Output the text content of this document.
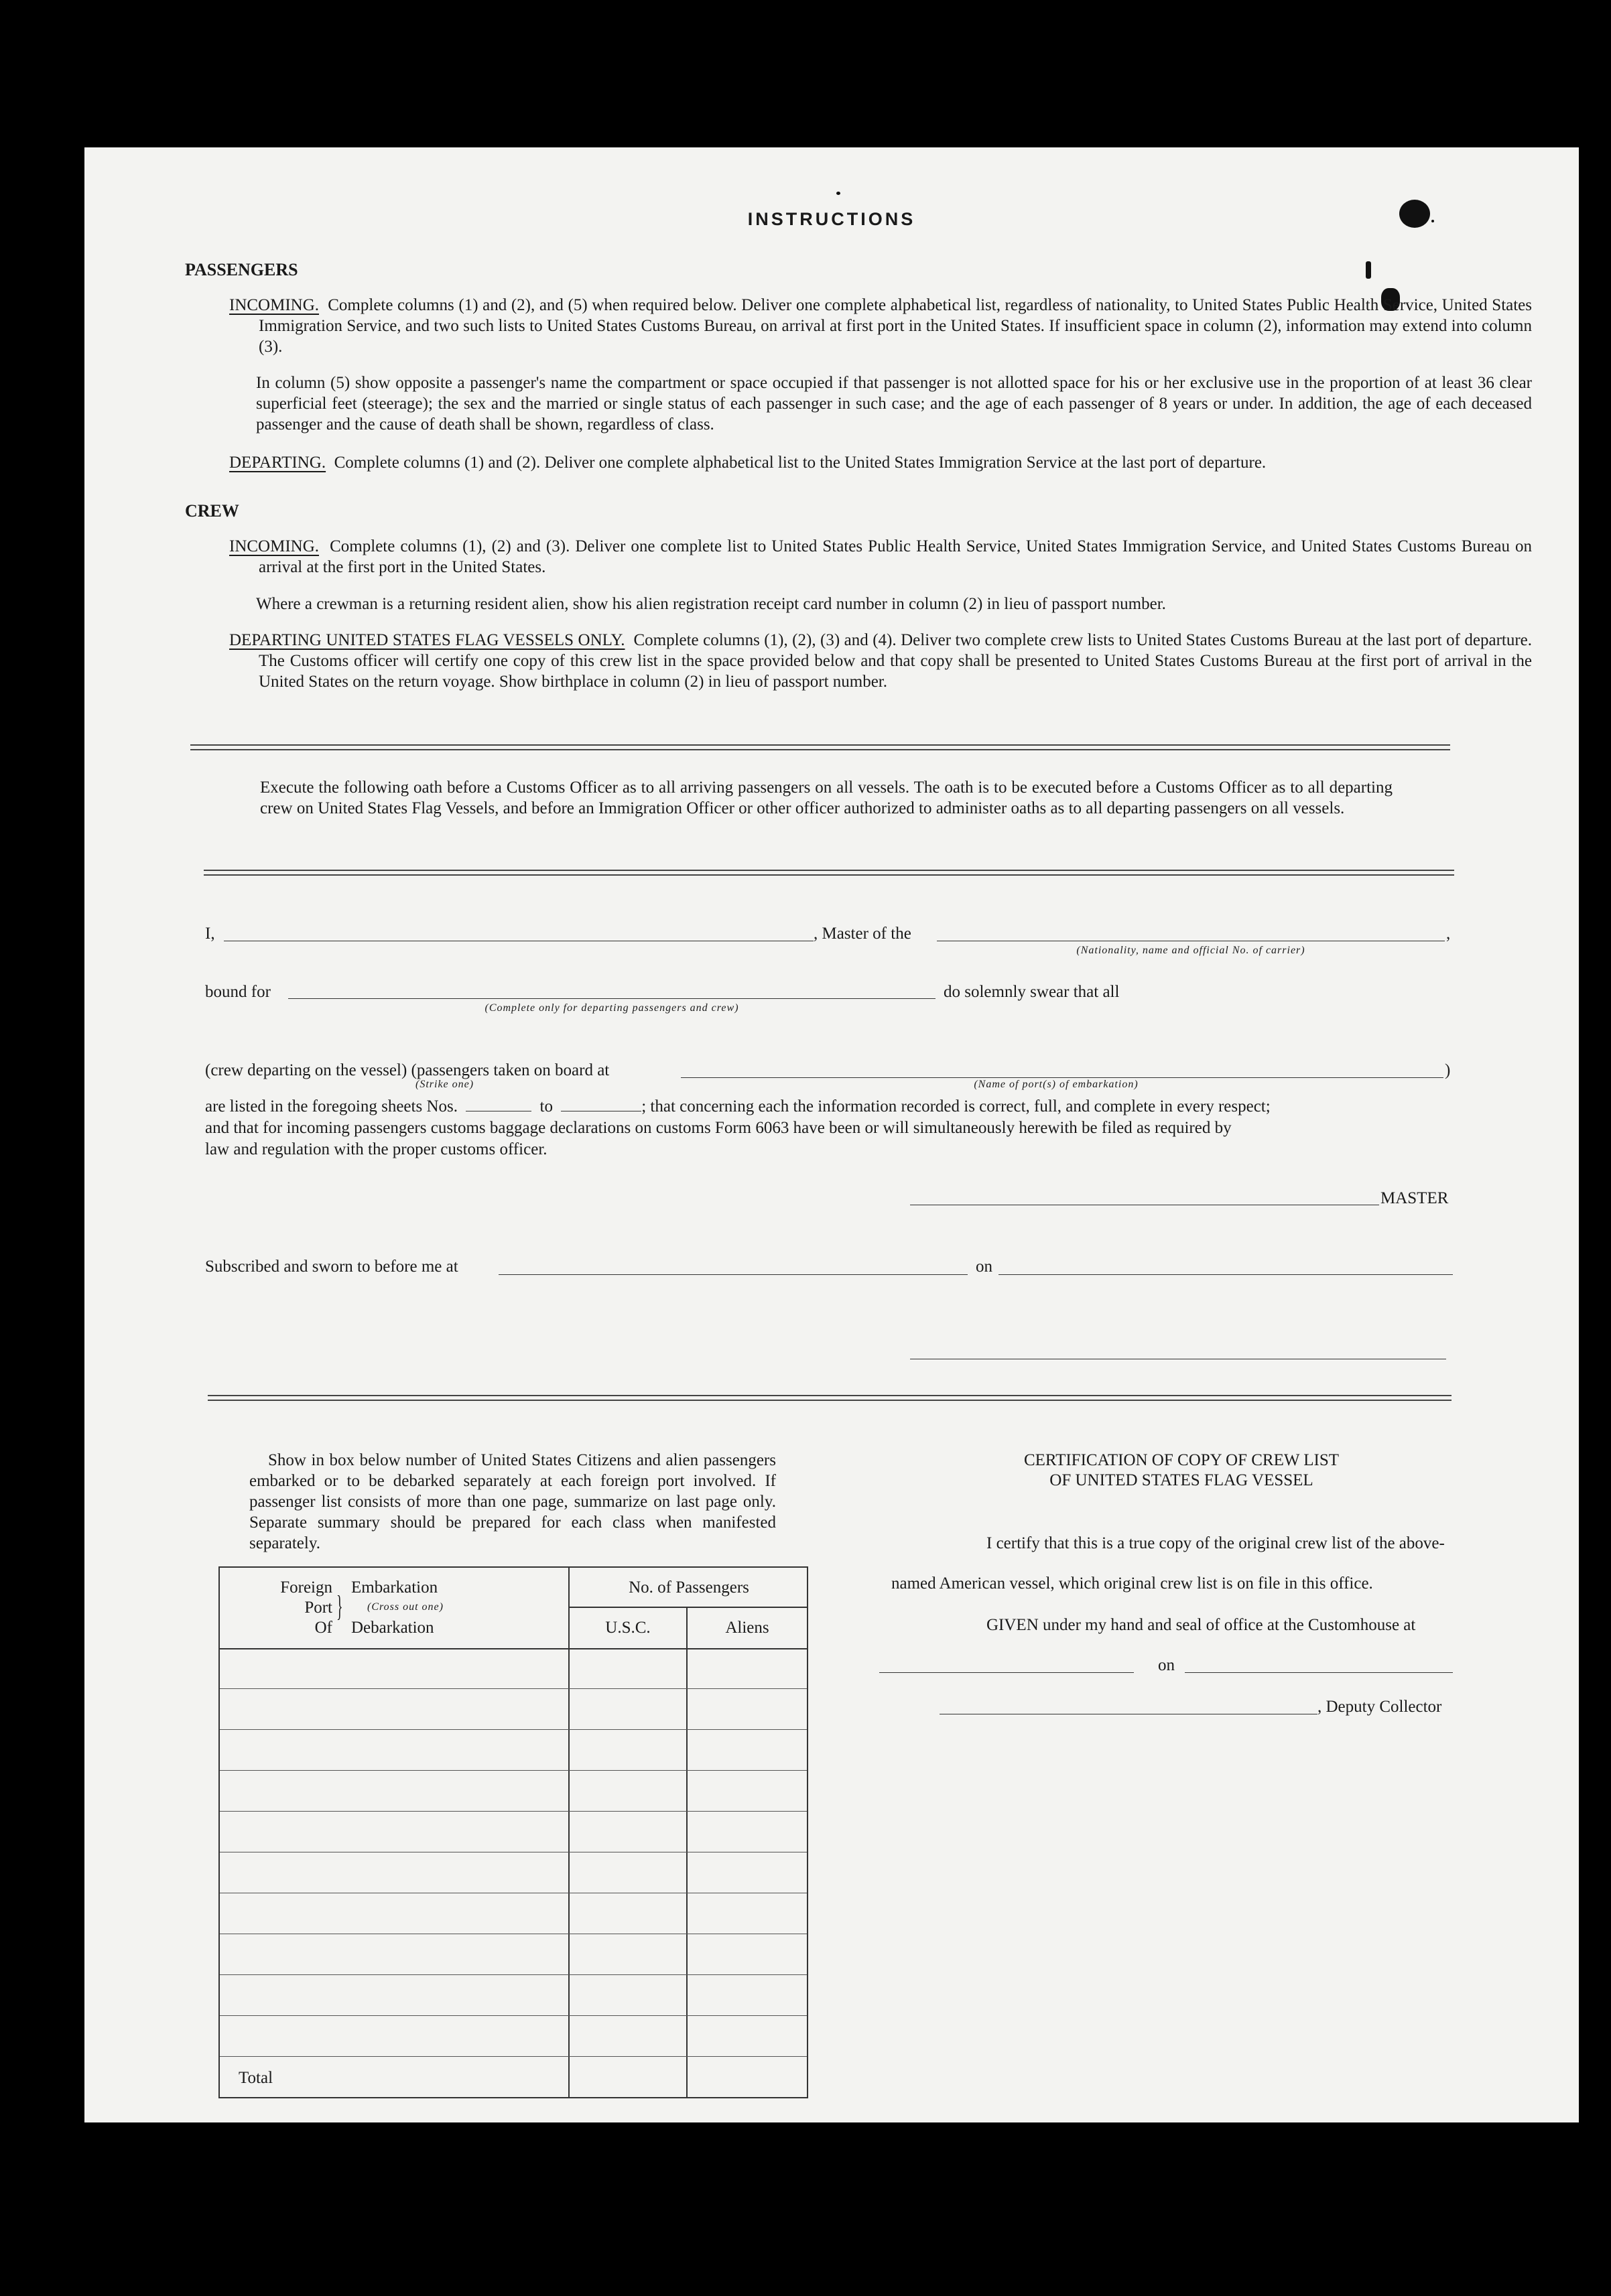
INSTRUCTIONS
PASSENGERS
INCOMING. Complete columns (1) and (2), and (5) when required below. Deliver one complete alphabetical list, regardless of nationality, to United States Public Health Service, United States Immigration Service, and two such lists to United States Customs Bureau, on arrival at first port in the United States. If insufficient space in column (2), information may extend into column (3).
In column (5) show opposite a passenger's name the compartment or space occupied if that passenger is not allotted space for his or her exclusive use in the proportion of at least 36 clear superficial feet (steerage); the sex and the married or single status of each passenger in such case; and the age of each passenger of 8 years or under. In addition, the age of each deceased passenger and the cause of death shall be shown, regardless of class.
DEPARTING. Complete columns (1) and (2). Deliver one complete alphabetical list to the United States Immigration Service at the last port of departure.
CREW
INCOMING. Complete columns (1), (2) and (3). Deliver one complete list to United States Public Health Service, United States Immigration Service, and United States Customs Bureau on arrival at the first port in the United States.
Where a crewman is a returning resident alien, show his alien registration receipt card number in column (2) in lieu of passport number.
DEPARTING UNITED STATES FLAG VESSELS ONLY. Complete columns (1), (2), (3) and (4). Deliver two complete crew lists to United States Customs Bureau at the last port of departure. The Customs officer will certify one copy of this crew list in the space provided below and that copy shall be presented to United States Customs Bureau at the first port of arrival in the United States on the return voyage. Show birthplace in column (2) in lieu of passport number.
Execute the following oath before a Customs Officer as to all arriving passengers on all vessels. The oath is to be executed before a Customs Officer as to all departing crew on United States Flag Vessels, and before an Immigration Officer or other officer authorized to administer oaths as to all departing passengers on all vessels.
I,	, Master of the	,
(Nationality, name and official No. of carrier)
bound for	do solemnly swear that all
(Complete only for departing passengers and crew)
(crew departing on the vessel) (passengers taken on board at	)
(Strike one)	(Name of port(s) of embarkation)
are listed in the foregoing sheets Nos.	to	; that concerning each the information recorded is correct, full, and complete in every respect;
and that for incoming passengers customs baggage declarations on customs Form 6063 have been or will simultaneously herewith be filed as required by
law and regulation with the proper customs officer.
MASTER
Subscribed and sworn to before me at	on
Show in box below number of United States Citizens and alien passengers embarked or to be debarked separately at each foreign port involved. If passenger list consists of more than one page, summarize on last page only. Separate summary should be prepared for each class when manifested separately.
Foreign
Port
Of
}
Embarkation
(Cross out one)
Debarkation
No. of Passengers
U.S.C.	Aliens
Total
CERTIFICATION OF COPY OF CREW LIST
OF UNITED STATES FLAG VESSEL
I certify that this is a true copy of the original crew list of the above-
named American vessel, which original crew list is on file in this office.
GIVEN under my hand and seal of office at the Customhouse at
on
, Deputy Collector
